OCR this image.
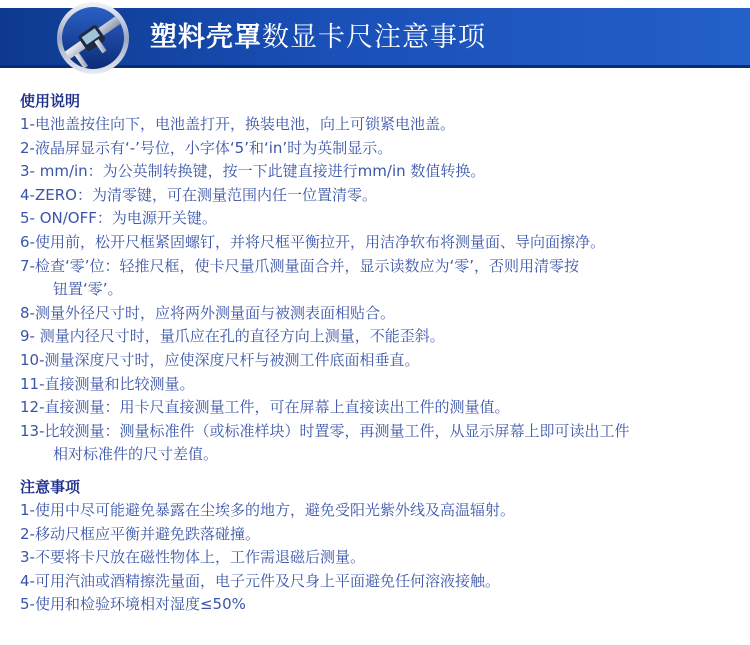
塑料壳罩数显卡尺注意事项
使用说明
1-电池盖按住向下，电池盖打开，换装电池，向上可锁紧电池盖。
2-液晶屏显示有‘-’号位，小字体‘5’和‘in’时为英制显示。
3- mm/in：为公英制转换键，按一下此键直接进行mm/in 数值转换。
4-ZERO：为清零键，可在测量范围内任一位置清零。
5- ON/OFF：为电源开关键。
6-使用前，松开尺框紧固螺钉，并将尺框平衡拉开，用洁净软布将测量面、导向面擦净。
7-检查‘零’位：轻推尺框，使卡尺量爪测量面合并，显示读数应为‘零’，否则用清零按
钮置‘零’。
8-测量外径尺寸时，应将两外测量面与被测表面相贴合。
9- 测量内径尺寸时，量爪应在孔的直径方向上测量，不能歪斜。
10-测量深度尺寸时，应使深度尺杆与被测工件底面相垂直。
11-直接测量和比较测量。
12-直接测量：用卡尺直接测量工件，可在屏幕上直接读出工件的测量值。
13-比较测量：测量标准件（或标准样块）时置零，再测量工件，从显示屏幕上即可读出工件
相对标准件的尺寸差值。
注意事项
1-使用中尽可能避免暴露在尘埃多的地方，避免受阳光紫外线及高温辐射。
2-移动尺框应平衡并避免跌落碰撞。
3-不要将卡尺放在磁性物体上，工作需退磁后测量。
4-可用汽油或酒精擦洗量面，电子元件及尺身上平面避免任何溶液接触。
5-使用和检验环境相对湿度≤50%
